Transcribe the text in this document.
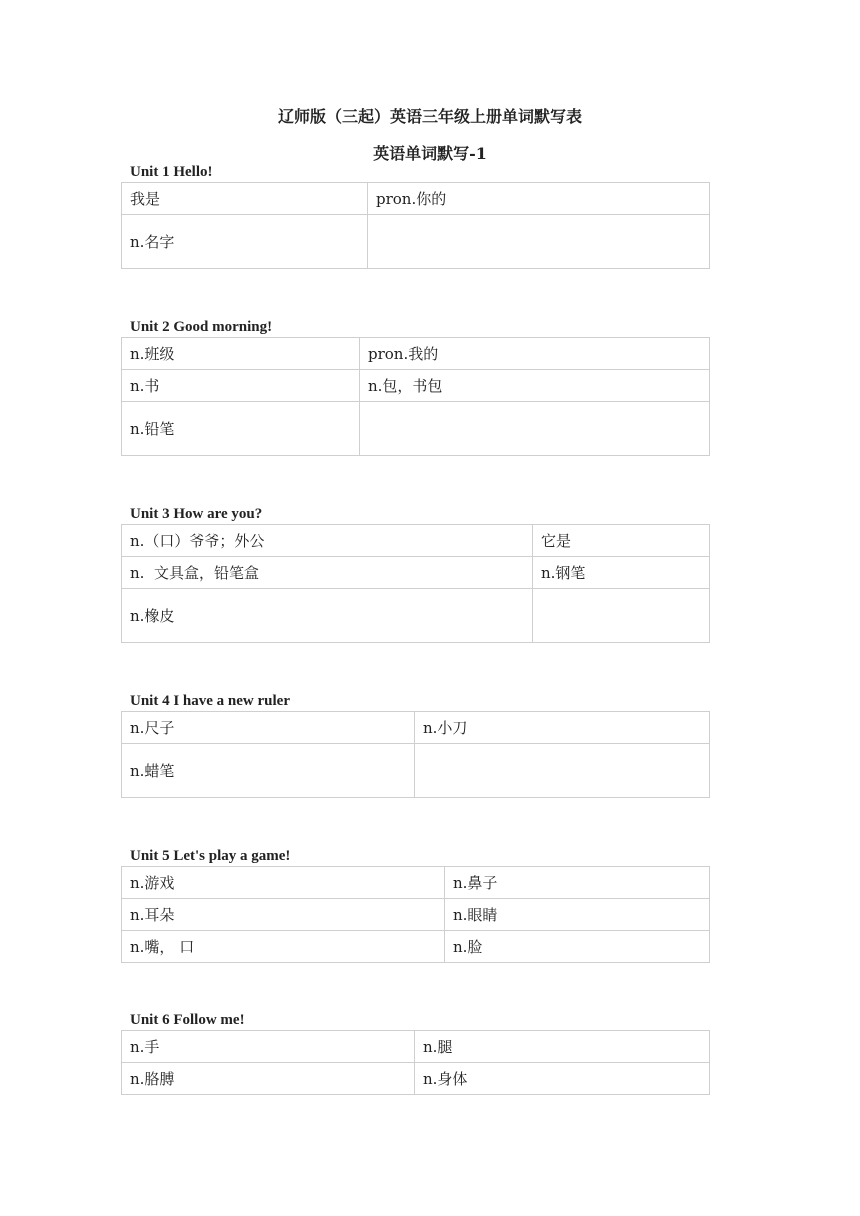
辽师版（三起）英语三年级上册单词默写表
英语单词默写-1
Unit 1 Hello!
我是	pron.你的
n.名字	
Unit 2 Good morning!
n.班级	pron.我的
n.书	n.包，书包
n.铅笔	
Unit 3 How are you?
n.（口）爷爷；外公	它是
n.  文具盒，铅笔盒	n.钢笔
n.橡皮	
Unit 4 I have a new ruler
n.尺子	n.小刀
n.蜡笔	
Unit 5 Let's play a game!
n.游戏	n.鼻子
n.耳朵	n.眼睛
n.嘴， 口	n.脸
Unit 6 Follow me!
n.手	n.腿
n.胳膊	n.身体
